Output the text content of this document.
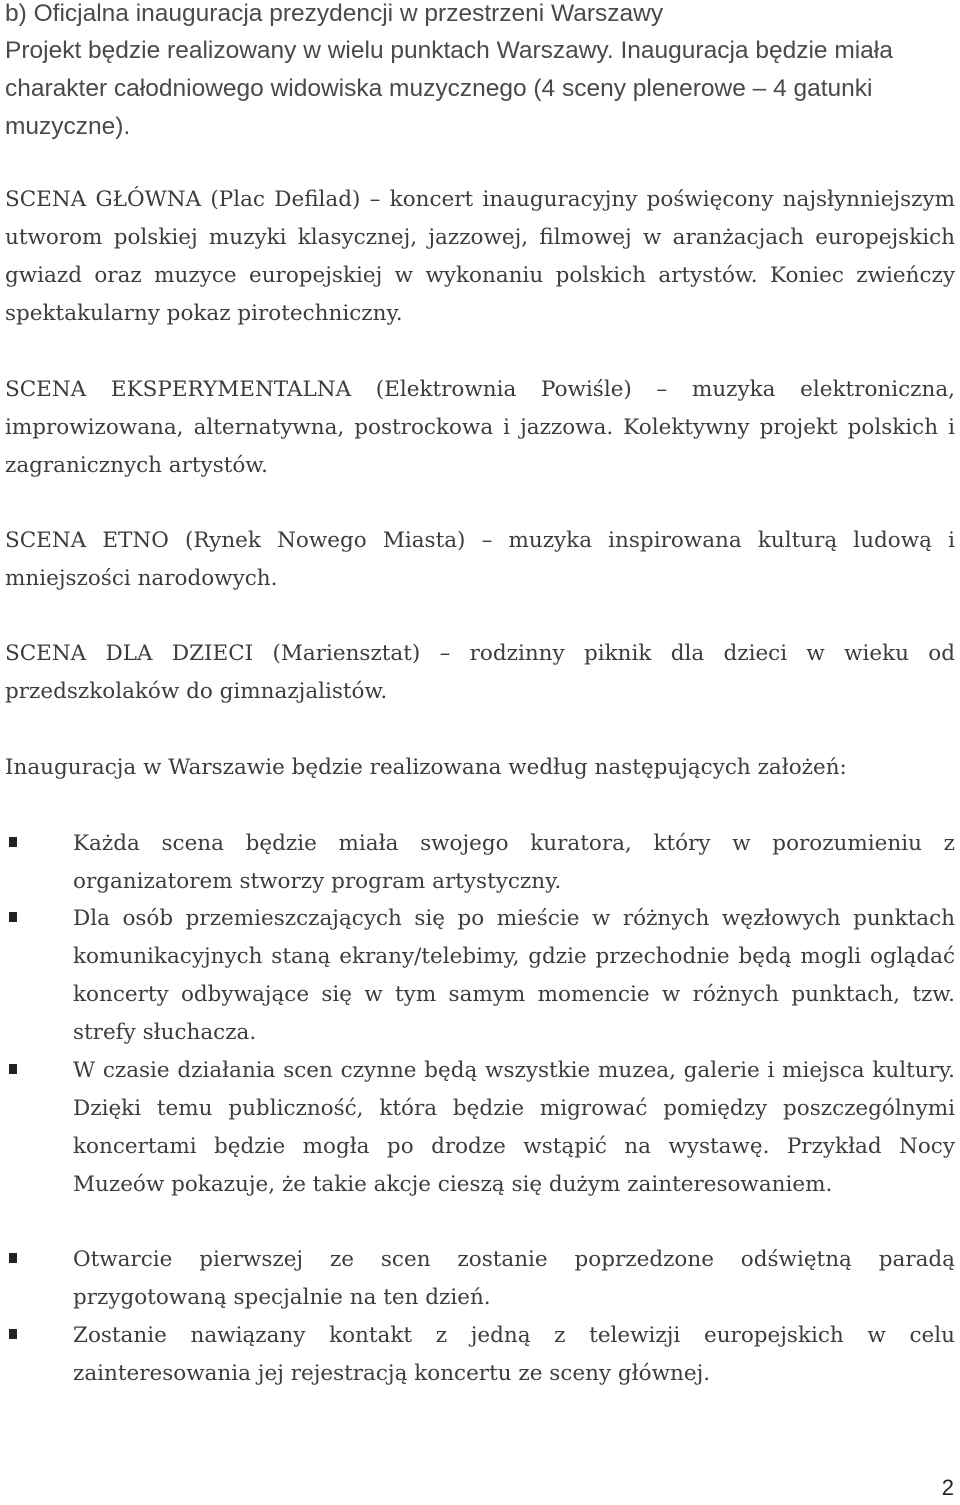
b) Oficjalna inauguracja prezydencji w przestrzeni Warszawy

Projekt będzie realizowany w wielu punktach Warszawy. Inauguracja będzie miała charakter całodniowego widowiska muzycznego (4 sceny plenerowe – 4 gatunki muzyczne).

SCENA GŁÓWNA (Plac Defilad) – koncert inauguracyjny poświęcony najsłynniejszym utworom polskiej muzyki klasycznej, jazzowej, filmowej w aranżacjach europejskich gwiazd oraz muzyce europejskiej w wykonaniu polskich artystów. Koniec zwieńczy spektakularny pokaz pirotechniczny.

SCENA EKSPERYMENTALNA (Elektrownia Powiśle) – muzyka elektroniczna, improwizowana, alternatywna, postrockowa i jazzowa. Kolektywny projekt polskich i zagranicznych artystów.

SCENA ETNO (Rynek Nowego Miasta) – muzyka inspirowana kulturą ludową i mniejszości narodowych.

SCENA DLA DZIECI (Mariensztat) – rodzinny piknik dla dzieci w wieku od przedszkolaków do gimnazjalistów.

Inauguracja w Warszawie będzie realizowana według następujących założeń:

Każda scena będzie miała swojego kuratora, który w porozumieniu z organizatorem stworzy program artystyczny.

Dla osób przemieszczających się po mieście w różnych węzłowych punktach komunikacyjnych staną ekrany/telebimy, gdzie przechodnie będą mogli oglądać koncerty odbywające się w tym samym momencie w różnych punktach, tzw. strefy słuchacza.

W czasie działania scen czynne będą wszystkie muzea, galerie i miejsca kultury. Dzięki temu publiczność, która będzie migrować pomiędzy poszczególnymi koncertami będzie mogła po drodze wstąpić na wystawę. Przykład Nocy Muzeów pokazuje, że takie akcje cieszą się dużym zainteresowaniem.

Otwarcie pierwszej ze scen zostanie poprzedzone odświętną paradą przygotowaną specjalnie na ten dzień.

Zostanie nawiązany kontakt z jedną z telewizji europejskich w celu zainteresowania jej rejestracją koncertu ze sceny głównej.

2
